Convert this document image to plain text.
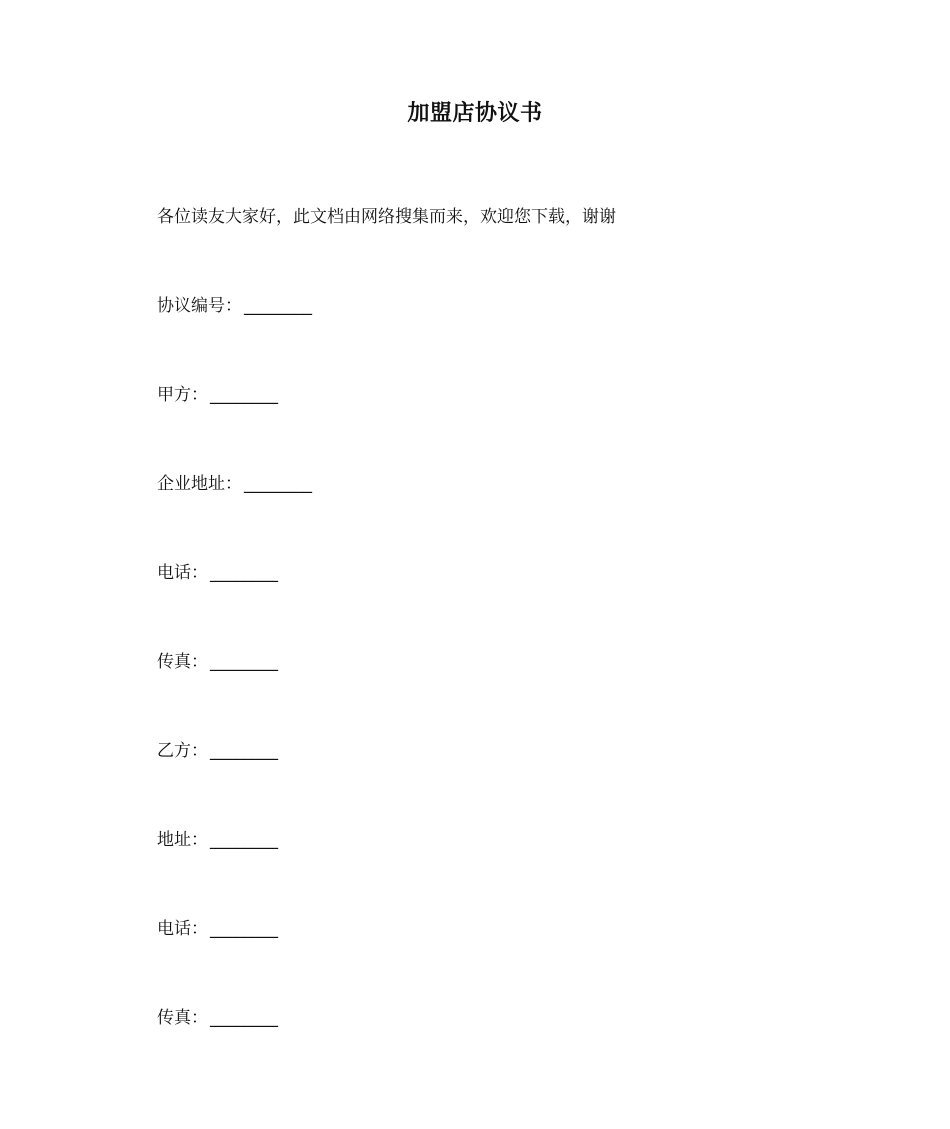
加盟店协议书
各位读友大家好，此文档由网络搜集而来，欢迎您下载，谢谢
协议编号： ________
甲方： ________
企业地址： ________
电话： ________
传真： ________
乙方： ________
地址： ________
电话： ________
传真： ________
